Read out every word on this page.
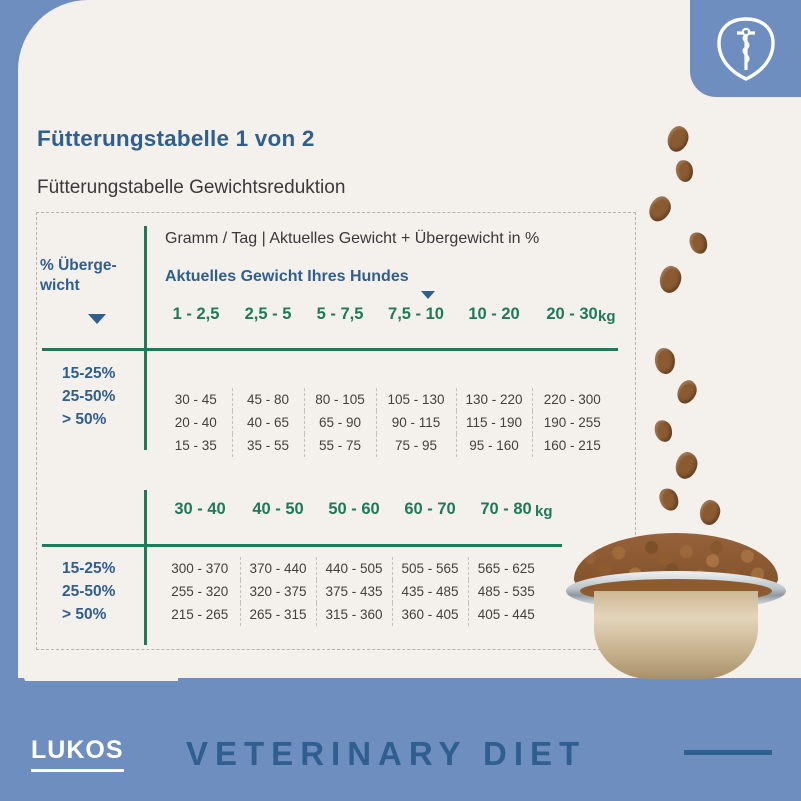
Fütterungstabelle 1 von 2
Fütterungstabelle Gewichtsreduktion
Gramm / Tag | Aktuelles Gewicht + Übergewicht in %
Aktuelles Gewicht Ihres Hundes
% Überge-
wicht
1 - 2,5	2,5 - 5	5 - 7,5	7,5 - 10	10 - 20	20 - 30

30 - 45	45 - 80	80 - 105	105 - 130	130 - 220	220 - 300
20 - 40	40 - 65	65 - 90	90 - 115	115 - 190	190 - 255
15 - 35	35 - 55	55 - 75	75 - 95	95 - 160	160 - 215
kg
15-25%
25-50%
> 50%
30 - 40	40 - 50	50 - 60	60 - 70	70 - 80

300 - 370	370 - 440	440 - 505	505 - 565	565 - 625
255 - 320	320 - 375	375 - 435	435 - 485	485 - 535
215 - 265	265 - 315	315 - 360	360 - 405	405 - 445
kg
15-25%
25-50%
> 50%
LUKOS VETERINARY DIET
